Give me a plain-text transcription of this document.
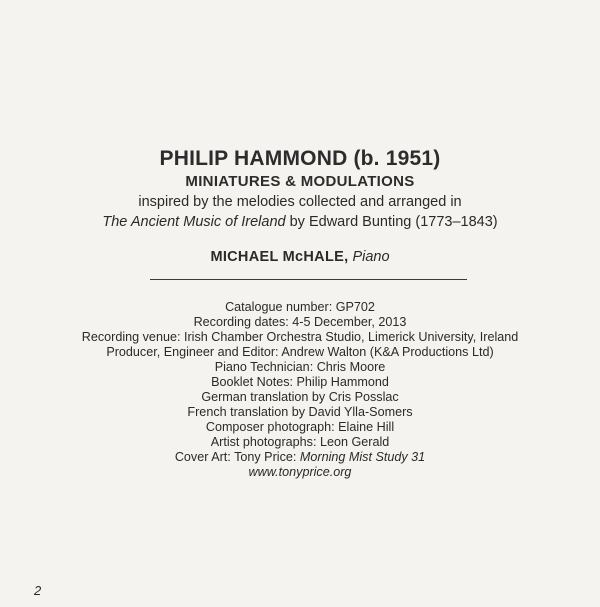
PHILIP HAMMOND (b. 1951)
MINIATURES & MODULATIONS
inspired by the melodies collected and arranged in
The Ancient Music of Ireland by Edward Bunting (1773–1843)
MICHAEL McHALE, Piano
Catalogue number: GP702
Recording dates: 4-5 December, 2013
Recording venue: Irish Chamber Orchestra Studio, Limerick University, Ireland
Producer, Engineer and Editor: Andrew Walton (K&A Productions Ltd)
Piano Technician: Chris Moore
Booklet Notes: Philip Hammond
German translation by Cris Posslac
French translation by David Ylla-Somers
Composer photograph: Elaine Hill
Artist photographs: Leon Gerald
Cover Art: Tony Price: Morning Mist Study 31
www.tonyprice.org
2
